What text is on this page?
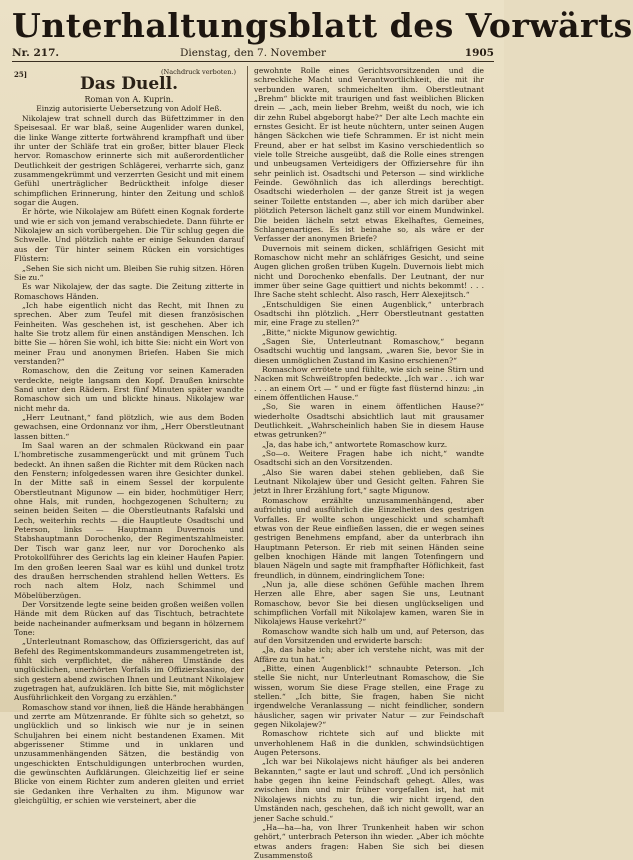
Unterhaltungsblatt des Vorwärts
Nr. 217.	Dienstag, den 7. November	1905
25]	(Nachdruck verboten.)
Das Duell.
Roman von A. Kuprin.
Einzig autorisierte Uebersetzung von Adolf Heß.

Nikolajew trat schnell durch das Büfettzimmer in den Speisesaal. Er war blaß, seine Augenlider waren dunkel, die linke Wange zitterte fortwährend krampfhaft und über ihr unter der Schläfe trat ein großer, bitter blauer Fleck hervor. Romaschow erinnerte sich mit außerordentlicher Deutlichkeit der gestrigen Schlägerei, verharrte sich, ganz zusammengekrümmt und verzerrten Gesicht und mit einem Gefühl unerträglicher Bedrücktheit infolge dieser schimpflichen Erinnerung, hinter den Zeitung und schloß sogar die Augen.

Er hörte, wie Nikolajew am Büfett einen Kognak forderte und wie er sich von jemand verabschiedete. Dann führte er Nikolajew an sich vorübergehen. Die Tür schlug gegen die Schwelle. Und plötzlich nahte er einige Sekunden darauf aus der Tür hinter seinem Rücken ein vorsichtiges Flüstern:

„Sehen Sie sich nicht um. Bleiben Sie ruhig sitzen. Hören Sie zu.“

Es war Nikolajew, der das sagte. Die Zeitung zitterte in Romaschows Händen.

„Ich habe eigentlich nicht das Recht, mit Ihnen zu sprechen. Aber zum Teufel mit diesen französischen Feinheiten. Was geschehen ist, ist geschehen. Aber ich halte Sie trotz allem für einen anständigen Menschen. Ich bitte Sie — hören Sie wohl, ich bitte Sie: nicht ein Wort von meiner Frau und anonymen Briefen. Haben Sie mich verstanden?“

Romaschow, den die Zeitung vor seinen Kameraden verdeckte, neigte langsam den Kopf. Draußen knirschte Sand unter den Rädern. Erst fünf Minuten später wandte Romaschow sich um und blickte hinaus. Nikolajew war nicht mehr da.

„Herr Leutnant,“ fand plötzlich, wie aus dem Boden gewachsen, eine Ordonnanz vor ihm, „Herr Oberstleutnant lassen bitten.“

Im Saal waren an der schmalen Rückwand ein paar L'hombretische zusammengerückt und mit grünem Tuch bedeckt. An ihnen saßen die Richter mit dem Rücken nach den Fenstern; infolgedessen waren ihre Gesichter dunkel. In der Mitte saß in einem Sessel der korpulente Oberstleutnant Migunow — ein bider, hochmütiger Herr, ohne Hals, mit runden, hochgezogenen Schultern; zu seinen beiden Seiten — die Oberstleutnants Rafalski und Lech, weiterhin rechts — die Hauptleute Osadtschi und Peterson, links — Hauptmann Duvernois und Stabshauptmann Dorochenko, der Regimentszahlmeister. Der Tisch war ganz leer, nur vor Dorochenko als Protokollführer des Gerichts lag ein kleiner Haufen Papier. Im den großen leeren Saal war es kühl und dunkel trotz des draußen herrschenden strahlend hellen Wetters. Es roch nach altem Holz, nach Schimmel und Möbelüberzügen.

Der Vorsitzende legte seine beiden großen weißen vollen Hände mit dem Rücken auf das Tischtuch, betrachtete beide nacheinander aufmerksam und begann in hölzernem Tone:

„Unterleutnant Romaschow, das Offiziersgericht, das auf Befehl des Regimentskommandeurs zusammengetreten ist, fühlt sich verpflichtet, die näheren Umstände des unglücklichen, unerhörten Vorfalls im Offizierskasino, der sich gestern abend zwischen Ihnen und Leutnant Nikolajew zugetragen hat, aufzuklären. Ich bitte Sie, mit möglichster Ausführlichkeit den Vorgang zu erzählen.“

Romaschow stand vor ihnen, ließ die Hände herabhängen und zerrte am Mützenrande. Er fühlte sich so gehetzt, so unglücklich und so linkisch wie nur je in seinen Schuljahren bei einem nicht bestandenen Examen. Mit abgerissener Stimme und in unklaren und unzusammenhängenden Sätzen, die beständig von ungeschickten Entschuldigungen unterbrochen wurden, die gewünschten Aufklärungen. Gleichzeitig lief er seine Blicke von einem Richter zum anderen gleiten und erriet sie Gedanken ihre Verhalten zu ihm. Migunow war gleichgültig, er schien wie versteinert, aber die

gewohnte Rolle eines Gerichtsvorsitzenden und die schreckliche Macht und Verantwortlichkeit, die mit ihr verbunden waren, schmeichelten ihm. Oberstleutnant „Brehm“ blickte mit traurigen und fast weiblichen Blicken drein — „ach, mein lieber Brehm, weißt du noch, wie ich dir zehn Rubel abgeborgt habe?“ Der alte Lech machte ein ernstes Gesicht. Er ist heute nüchtern, unter seinen Augen hängen Säckchen wie tiefe Schrammen. Er ist nicht mein Freund, aber er hat selbst im Kasino verschiedentlich so viele tolle Streiche ausgeübt, daß die Rolle eines strengen und unbeugsamen Verteidigers der Offiziersehre für ihn sehr peinlich ist. Osadtschi und Peterson — sind wirkliche Feinde. Gewöhnlich das ich allerdings berechtigt. Osadtschi wiederholen — der ganze Streit ist ja wegen seiner Toilette entstanden —, aber ich mich darüber aber plötzlich Peterson lächelt ganz still vor einem Mundwinkel. Die beiden lächeln setzt etwas Ekelhaftes, Gemeines, Schlangenartiges. Es ist beinahe so, als wäre er der Verfasser der anonymen Briefe?

Duvernois mit seinem dicken, schläfrigen Gesicht mit Romaschow nicht mehr an schläfriges Gesicht, und seine Augen glichen großen trüben Kugeln. Duvernois liebt mich nicht und Dorochenko ebenfalls. Der Leutnant, der nur immer über seine Gage quittiert und nichts bekommt! . . . Ihre Sache steht schlecht. Also rasch, Herr Alexejitsch.“

„Entschuldigen Sie einen Augenblick,“ unterbrach Osadtschi ihn plötzlich. „Herr Oberstleutnant gestatten mir, eine Frage zu stellen?“

„Bitte,“ nickte Migunow gewichtig.

„Sagen Sie, Unterleutnant Romaschow,“ begann Osadtschi wuchtig und langsam, „waren Sie, bevor Sie in diesen unmöglichen Zustand im Kasino erschienen?“

Romaschow errötete und fühlte, wie sich seine Stirn und Nacken mit Schweißtropfen bedeckte. „Ich war . . . ich war . . . an einem Ort — “ und er fügte fast flüsternd hinzu: „in einem öffentlichen Hause.“

„So, Sie waren in einem öffentlichen Hause?“ wiederholte Osadtschi absichtlich laut mit grausamer Deutlichkeit. „Wahrscheinlich haben Sie in diesem Hause etwas getrunken?“

„Ja, das habe ich,“ antwortete Romaschow kurz.

„So—o. Weitere Fragen habe ich nicht,“ wandte Osadtschi sich an den Vorsitzenden.

„Also Sie waren dabei stehen geblieben, daß Sie Leutnant Nikolajew über und Gesicht gelten. Fahren Sie jetzt in Ihrer Erzählung fort,“ sagte Migunow.

Romaschow erzählte unzusammenhängend, aber aufrichtig und ausführlich die Einzelheiten des gestrigen Vorfalles. Er wollte schon ungeschickt und schamhaft etwas von der Reue einfließen lassen, die er wegen seines gestrigen Benehmens empfand, aber da unterbrach ihn Hauptmann Peterson. Er rieb mit seinen Händen seine gelben knochigen Hände mit langen Totenfingern und blauen Nägeln und sagte mit frampfhafter Höflichkeit, fast freundlich, in dünnem, eindringlichem Tone:

„Nun ja, alle diese schönen Gefühle machen Ihrem Herzen alle Ehre, aber sagen Sie uns, Leutnant Romaschow, bevor Sie bei diesen unglückseligen und schimpflichen Vorfall mit Nikolajew kamen, waren Sie in Nikolajews Hause verkehrt?“

Romaschow wandte sich halb um und, auf Peterson, das auf den Vorsitzenden und erwiderte barsch:

„Ja, das habe ich; aber ich verstehe nicht, was mit der Affäre zu tun hat.“

„Bitte, einen Augenblick!“ schnaubte Peterson. „Ich stelle Sie nicht, nur Unterleutnant Romaschow, die Sie wissen, worum Sie diese Frage stellen, eine Frage zu stellen.“ „Ich bitte, Sie fragen, haben Sie nicht irgendwelche Veranlassung — nicht feindlicher, sondern häuslicher, sagen wir privater Natur — zur Feindschaft gegen Nikolajew?“

Romaschow richtete sich auf und blickte mit unverhohlenem Haß in die dunklen, schwindsüchtigen Augen Petersons.

„Ich war bei Nikolajews nicht häufiger als bei anderen Bekannten,“ sagte er laut und schroff. „Und ich persönlich habe gegen ihn keine Feindschaft gehegt. Alles, was zwischen ihm und mir früher vorgefallen ist, hat mit Nikolajews nichts zu tun, die wir nicht irgend, den Umständen nach, geschehen, daß ich nicht gewollt, war an jener Sache schuld.“

„Ha—ha—ha, von Ihrer Trunkenheit haben wir schon gehört,“ unterbrach Peterson ihn wieder. „Aber ich möchte etwas anders fragen: Haben Sie sich bei diesen Zusammenstoß
